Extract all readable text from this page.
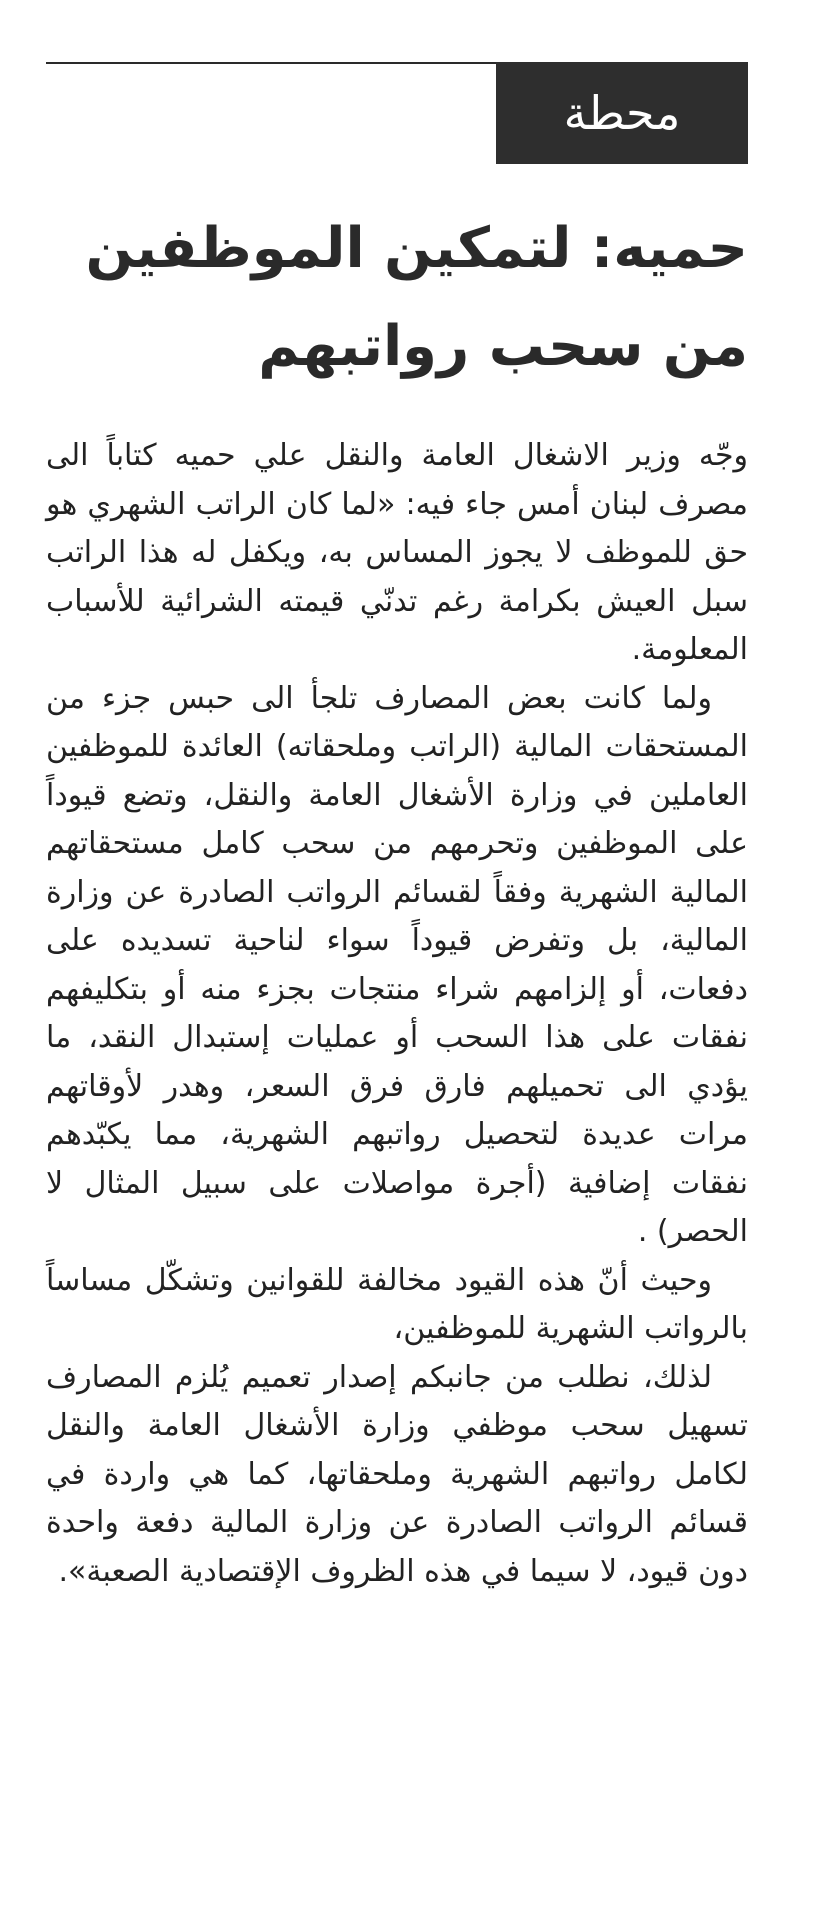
محطة
حميه: لتمكين الموظفين من سحب رواتبهم

وجّه وزير الاشغال العامة والنقل علي حميه كتاباً الى مصرف لبنان أمس جاء فيه: «لما كان الراتب الشهري هو حق للموظف لا يجوز المساس به، ويكفل له هذا الراتب سبل العيش بكرامة رغم تدنّي قيمته الشرائية للأسباب المعلومة.

ولما كانت بعض المصارف تلجأ الى حبس جزء من المستحقات المالية (الراتب وملحقاته) العائدة للموظفين العاملين في وزارة الأشغال العامة والنقل، وتضع قيوداً على الموظفين وتحرمهم من سحب كامل مستحقاتهم المالية الشهرية وفقاً لقسائم الرواتب الصادرة عن وزارة المالية، بل وتفرض قيوداً سواء لناحية تسديده على دفعات، أو إلزامهم شراء منتجات بجزء منه أو بتكليفهم نفقات على هذا السحب أو عمليات إستبدال النقد، ما يؤدي الى تحميلهم فارق فرق السعر، وهدر لأوقاتهم مرات عديدة لتحصيل رواتبهم الشهرية، مما يكبّدهم نفقات إضافية (أجرة مواصلات على سبيل المثال لا الحصر) .

وحيث أنّ هذه القيود مخالفة للقوانين وتشكّل مساساً بالرواتب الشهرية للموظفين،

لذلك، نطلب من جانبكم إصدار تعميم يُلزم المصارف تسهيل سحب موظفي وزارة الأشغال العامة والنقل لكامل رواتبهم الشهرية وملحقاتها، كما هي واردة في قسائم الرواتب الصادرة عن وزارة المالية دفعة واحدة دون قيود، لا سيما في هذه الظروف الإقتصادية الصعبة».
